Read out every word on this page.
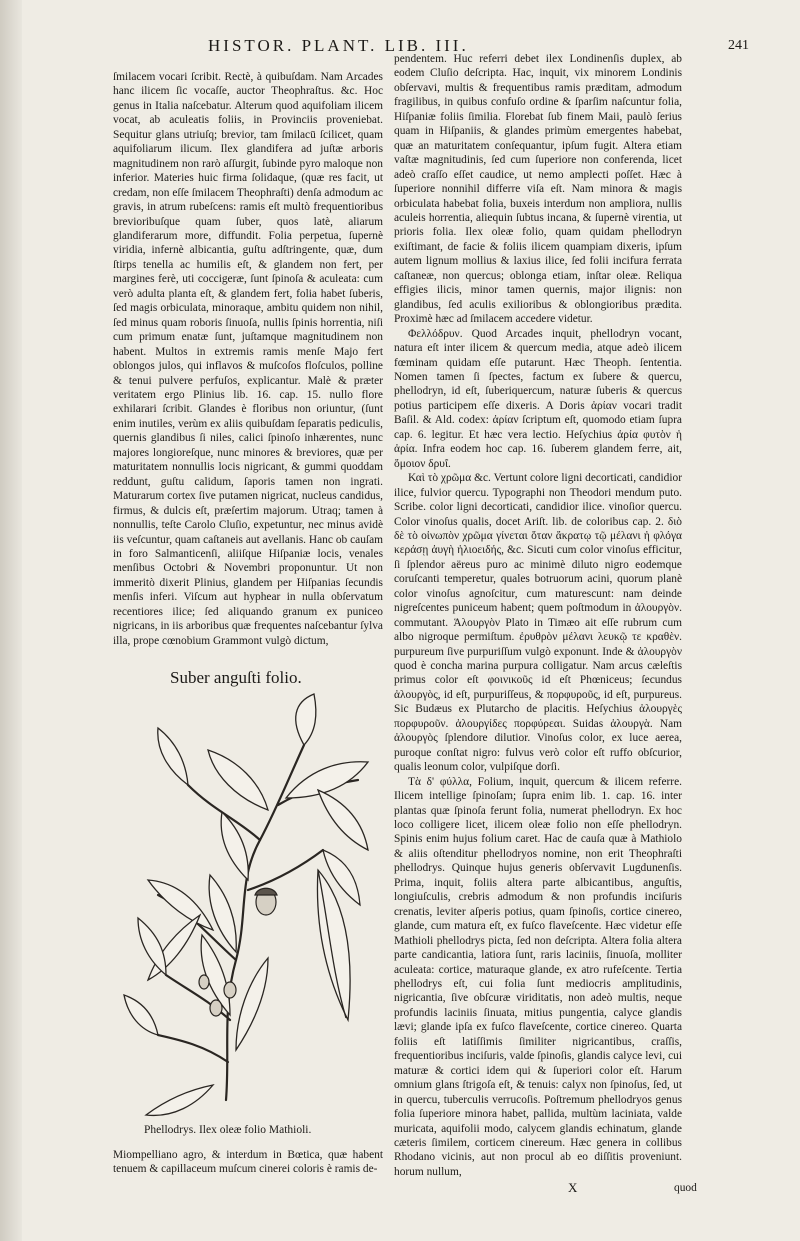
HISTOR. PLANT. LIB. III.	241

ſmilacem vocari ſcribit. Rectè, à quibuſdam. Nam Arcades hanc ilicem ſic vocaſſe, auctor Theophraſtus. &c. Hoc genus in Italia naſcebatur. Alterum quod aquifoliam ilicem vocat, ab aculeatis foliis, in Provinciis proveniebat. Sequitur glans utriuſq; brevior, tam ſmilacū ſcilicet, quam aquifoliarum ilicum. Ilex glandifera ad juſtæ arboris magnitudinem non rarò aſſurgit, ſubinde pyro maloque non inferior. Materies huic firma ſolidaque, (quæ res facit, ut credam, non eſſe ſmilacem Theophraſti) denſa admodum ac gravis, in atrum rubeſcens: ramis eſt multò frequentioribus brevioribuſque quam ſuber, quos latè, aliarum glandiferarum more, diffundit. Folia perpetua, ſupernè viridia, infernè albicantia, guſtu adſtringente, quæ, dum ſtirps tenella ac humilis eſt, & glandem non fert, per margines ferè, uti coccigeræ, ſunt ſpinoſa & aculeata: cum verò adulta planta eſt, & glandem fert, folia habet ſuberis, ſed magis orbiculata, minoraque, ambitu quidem non nihil, ſed minus quam roboris ſinuoſa, nullis ſpinis horrentia, niſi cum primum enatæ ſunt, juſtamque magnitudinem non habent. Multos in extremis ramis menſe Majo fert oblongos julos, qui inflavos & muſcoſos floſculos, polline & tenui pulvere perfuſos, explicantur. Malè & præter veritatem ergo Plinius lib. 16. cap. 15. nullo flore exhilarari ſcribit. Glandes è floribus non oriuntur, (ſunt enim inutiles, verùm ex aliis quibuſdam ſeparatis pediculis, quernis glandibus ſi niles, calici ſpinoſo inhærentes, nunc majores longioreſque, nunc minores & breviores, quæ per maturitatem nonnullis locis nigricant, & gummi quoddam reddunt, guſtu calidum, ſaporis tamen non ingrati. Maturarum cortex ſive putamen nigricat, nucleus candidus, firmus, & dulcis eſt, præſertim majorum. Utraq; tamen à nonnullis, teſte Carolo Cluſio, expetuntur, nec minus avidè iis veſcuntur, quam caſtaneis aut avellanis. Hanc ob cauſam in foro Salmanticenſi, aliiſque Hiſpaniæ locis, venales menſibus Octobri & Novembri proponuntur. Ut non immeritò dixerit Plinius, glandem per Hiſpanias ſecundis menſis inferi. Viſcum aut hyphear in nulla obſervatum recentiores ilice; ſed aliquando granum ex puniceo nigricans, in iis arboribus quæ frequentes naſcebantur ſylva illa, prope cœnobium Grammont vulgò dictum,

Suber anguſti folio.
Phellodrys. Ilex oleæ folio Mathioli.
Miompelliano agro, & interdum in Bœtica, quæ habent tenuem & capillaceum muſcum cinerei coloris è ramis de-

pendentem. Huc referri debet ilex Londinenſis duplex, ab eodem Cluſio deſcripta. Hac, inquit, vix minorem Londinis obſervavi, multis & frequentibus ramis præditam, admodum fragilibus, in quibus confuſo ordine & ſparſim naſcuntur folia, Hiſpaniæ foliis ſimilia. Florebat ſub finem Maii, paulò ſerius quam in Hiſpaniis, & glandes primùm emergentes habebat, quæ an maturitatem conſequantur, ipſum fugit. Altera etiam vaſtæ magnitudinis, ſed cum ſuperiore non conferenda, licet adeò craſſo eſſet caudice, ut nemo amplecti poſſet. Hæc à ſuperiore nonnihil differre viſa eſt. Nam minora & magis orbiculata habebat folia, buxeis interdum non ampliora, nullis aculeis horrentia, aliequin ſubtus incana, & ſupernè virentia, ut prioris folia. Ilex oleæ folio, quam quidam phellodryn exiſtimant, de facie & foliis ilicem quampiam dixeris, ipſum autem lignum mollius & laxius ilice, ſed folii incifura ferrata caſtaneæ, non quercus; oblonga etiam, inſtar oleæ. Reliqua effigies ilicis, minor tamen quernis, major ilignis: non glandibus, ſed aculis exilioribus & oblongioribus prædita. Proximè hæc ad ſmilacem accedere videtur.

Φελλόδρυν. Quod Arcades inquit, phellodryn vocant, natura eſt inter ilicem & quercum media, atque adeò ilicem fœminam quidam eſſe putarunt. Hæc Theoph. ſententia. Nomen tamen ſi ſpectes, factum ex ſubere & quercu, phellodryn, id eſt, ſuberiquercum, naturæ ſuberis & quercus potius participem eſſe dixeris. A Doris ἀρίαν vocari tradit Baſil. & Ald. codex: ἀρίαν ſcriptum eſt, quomodo etiam ſupra cap. 6. legitur. Et hæc vera lectio. Heſychius ἀρία φυτὸν ἡ ἀρία. Infra eodem hoc cap. 16. ſuberem glandem ferre, ait, ὅμοιον δρυΐ.

Καὶ τὸ χρῶμα &c. Vertunt colore ligni decorticati, candidior ilice, fulvior quercu. Typographi non Theodori mendum puto. Scribe. color ligni decorticati, candidior ilice. vinoſior quercu. Color vinoſus qualis, docet Ariſt. lib. de coloribus cap. 2. διὸ δὲ τὸ οἰνωπὸν χρῶμα γίνεται ὅταν ἄκρατῳ τῷ μέλανι ἡ φλόγα κεράσῃ ἀυγὴ ἡλιοειδής, &c. Sicuti cum color vinoſus efficitur, ſi ſplendor aëreus puro ac minimè diluto nigro eodemque coruſcanti temperetur, quales botruorum acini, quorum planè color vinoſus agnoſcitur, cum maturescunt: nam deinde nigreſcentes puniceum habent; quem poſtmodum in ἁλουργὸν. commutant. Ἁλουργὸν Plato in Timæo ait eſſe rubrum cum albo nigroque permiſtum. ἐρυθρὸν μέλανι λευκῷ τε κραθὲν. purpureum ſive purpuriſſum vulgò exponunt. Inde & ἁλουργὸν quod è concha marina purpura colligatur. Nam arcus cæleſtis primus color eſt φοινικοῦς id eſt Phœniceus; ſecundus ἁλουργὸς, id eſt, purpuriſſeus, & πορφυροῦς, id eſt, purpureus. Sic Budæus ex Plutarcho de placitis. Heſychius ἁλουργὲς πορφυροῦν. ἁλουργίδες πορφύρεαι. Suidas ἁλουργὰ. Nam ἁλουργὸς ſplendore dilutior. Vinoſus color, ex luce aerea, puroque conſtat nigro: fulvus verò color eſt ruffo obſcurior, qualis leonum color, vulpiſque dorſi.

Τὰ δ' φύλλα, Folium, inquit, quercum & ilicem referre. Ilicem intellige ſpinoſam; ſupra enim lib. 1. cap. 16. inter plantas quæ ſpinoſa ferunt folia, numerat phellodryn. Ex hoc loco colligere licet, ilicem oleæ folio non eſſe phellodryn. Spinis enim hujus folium caret. Hac de cauſa quæ à Mathiolo & aliis oſtenditur phellodryos nomine, non erit Theophraſti phellodrys. Quinque hujus generis obſervavit Lugdunenſis. Prima, inquit, foliis altera parte albicantibus, anguſtis, longiuſculis, crebris admodum & non profundis inciſuris crenatis, leviter aſperis potius, quam ſpinoſis, cortice cinereo, glande, cum matura eſt, ex fuſco flaveſcente. Hæc videtur eſſe Mathioli phellodrys picta, ſed non deſcripta. Altera folia altera parte candicantia, latiora ſunt, raris laciniis, ſinuoſa, molliter aculeata: cortice, maturaque glande, ex atro rufeſcente. Tertia phellodrys eſt, cui folia ſunt mediocris amplitudinis, nigricantia, ſive obſcuræ viriditatis, non adeò multis, neque profundis laciniis ſinuata, mitius pungentia, calyce glandis lævi; glande ipſa ex fuſco flaveſcente, cortice cinereo. Quarta foliis eſt latiſſimis ſimiliter nigricantibus, craſſis, frequentioribus inciſuris, valde ſpinoſis, glandis calyce levi, cui maturæ & cortici idem qui & ſuperiori color eſt. Harum omnium glans ſtrigoſa eſt, & tenuis: calyx non ſpinoſus, ſed, ut in quercu, tuberculis verrucoſis. Poſtremum phellodryos genus folia ſuperiore minora habet, pallida, multùm laciniata, valde muricata, aquifolii modo, calycem glandis echinatum, glande cæteris ſimilem, corticem cinereum. Hæc genera in collibus Rhodano vicinis, aut non procul ab eo diſſitis proveniunt. horum nullum,

X	quod
